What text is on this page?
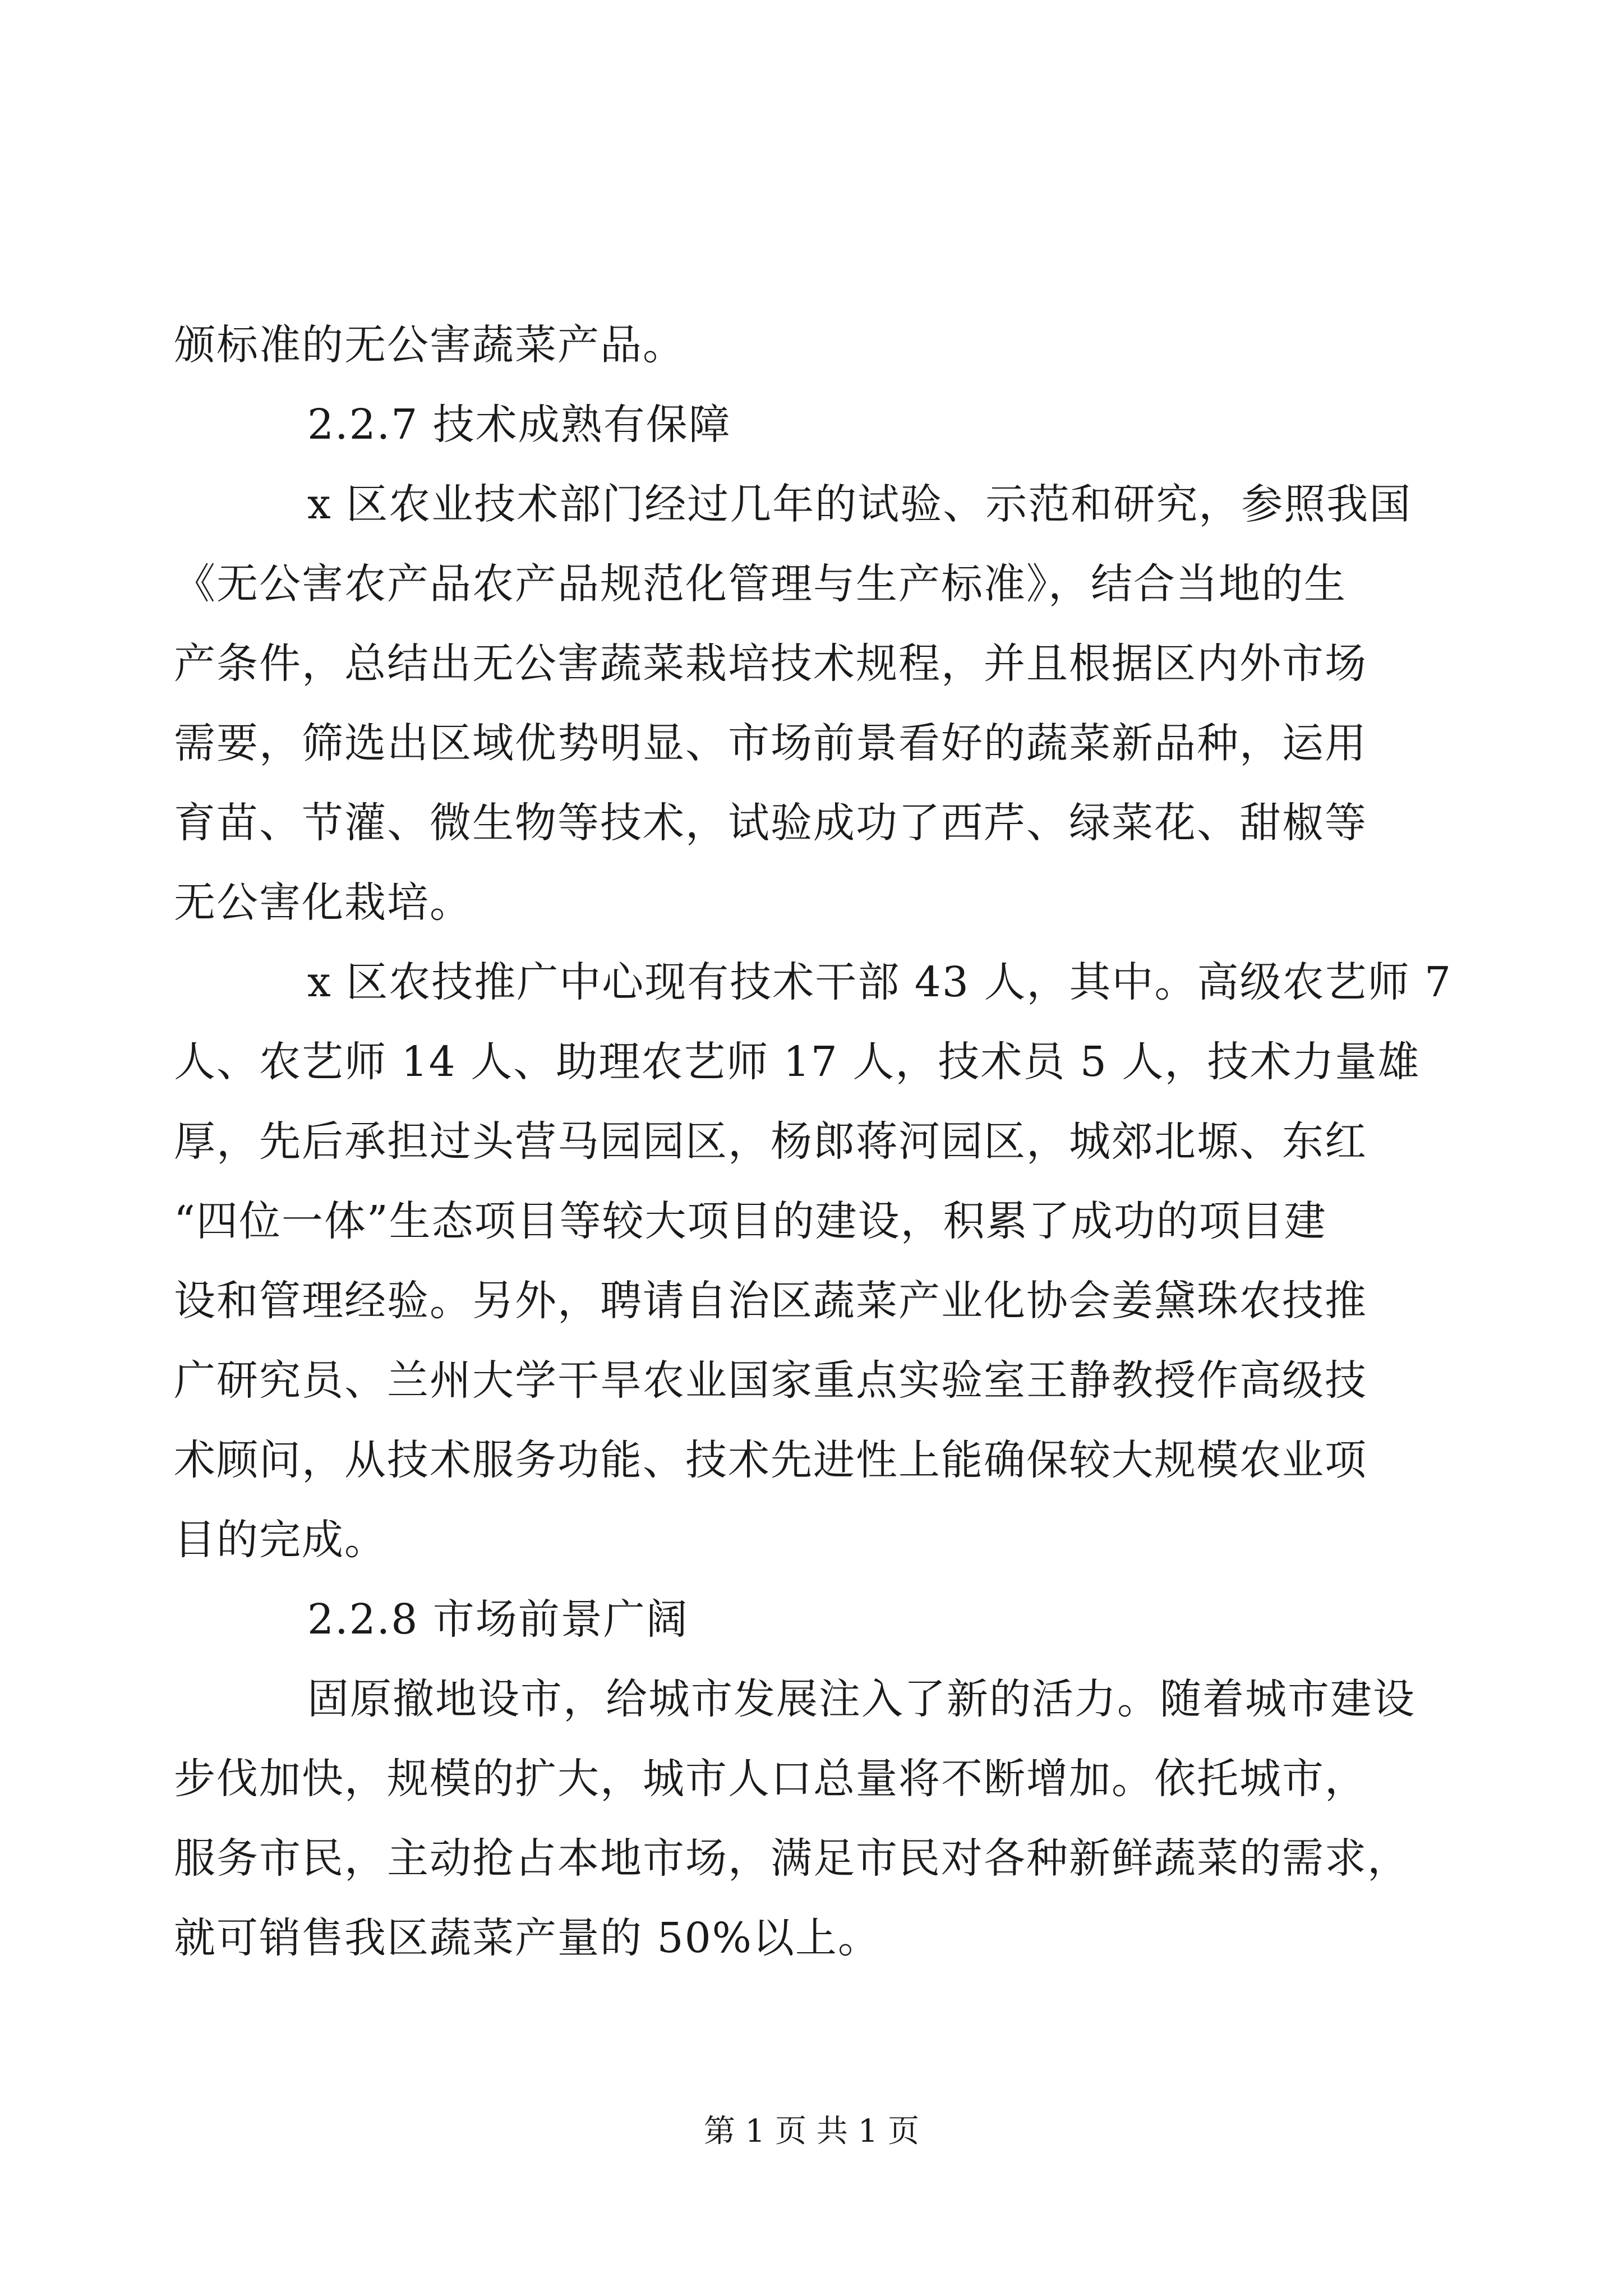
颁标准的无公害蔬菜产品。
2.2.7 技术成熟有保障
x 区农业技术部门经过几年的试验、示范和研究，参照我国
《无公害农产品农产品规范化管理与生产标准》，结合当地的生
产条件，总结出无公害蔬菜栽培技术规程，并且根据区内外市场
需要，筛选出区域优势明显、市场前景看好的蔬菜新品种，运用
育苗、节灌、微生物等技术，试验成功了西芹、绿菜花、甜椒等
无公害化栽培。
x 区农技推广中心现有技术干部 43 人，其中。高级农艺师 7
人、农艺师 14 人、助理农艺师 17 人，技术员 5 人，技术力量雄
厚，先后承担过头营马园园区，杨郎蒋河园区，城郊北塬、东红
“四位一体”生态项目等较大项目的建设，积累了成功的项目建
设和管理经验。另外，聘请自治区蔬菜产业化协会姜黛珠农技推
广研究员、兰州大学干旱农业国家重点实验室王静教授作高级技
术顾问，从技术服务功能、技术先进性上能确保较大规模农业项
目的完成。
2.2.8 市场前景广阔
固原撤地设市，给城市发展注入了新的活力。随着城市建设
步伐加快，规模的扩大，城市人口总量将不断增加。依托城市，
服务市民，主动抢占本地市场，满足市民对各种新鲜蔬菜的需求，
就可销售我区蔬菜产量的 50%以上。
第 1 页 共 1 页
